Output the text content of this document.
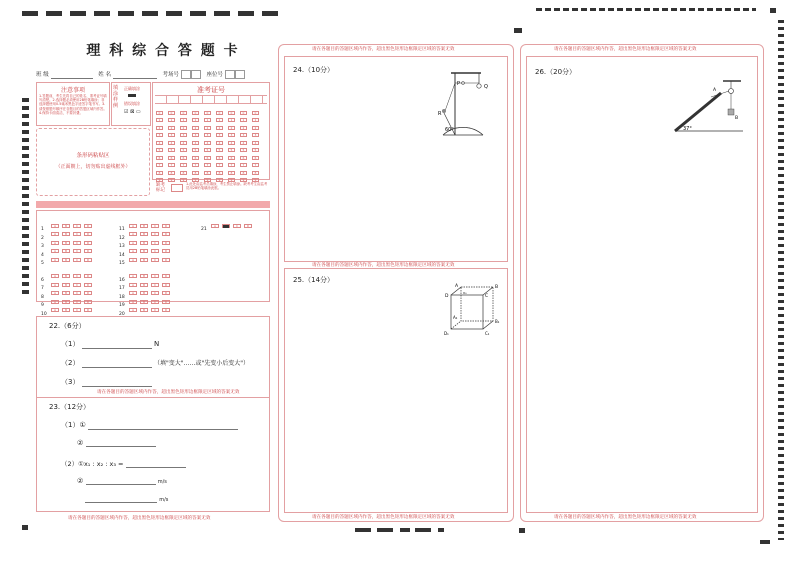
理 科 综 合 答 题 卡
班 级	姓 名	考场号	座位号
注意事项
1.答题前，考生先将自己的姓名、准考证号填写清楚。2.选择题必须使用2B铅笔填涂；非选择题使用0.5毫米黑色字迹签字笔书写。3.请按照题号顺序在各题目的答题区域内作答。4.保持卡面清洁，不要折叠。
填涂样例
正确填涂
错误填涂
☑ ⊠ ▭
准考证号
0	0	0	0	0	0	0	0	0
1	1	1	1	1	1	1	1	1
2	2	2	2	2	2	2	2	2
3	3	3	3	3	3	3	3	3
4	4	4	4	4	4	4	4	4
5	5	5	5	5	5	5	5	5
6	6	6	6	6	6	6	6	6
7	7	7	7	7	7	7	7	7
8	8	8	8	8	8	8	8	8
9	9	9	9	9	9	9	9	9
条形码粘贴区
（正面朝上，切勿贴出虚线框外）
缺考标记
1.此处由监考员填涂，考生禁止填涂。缺考考生由监考员用2B铅笔填涂此框。
1A	B	C	D
2A	B	C	D
3A	B	C	D
4A	B	C	D
5A	B	C	D
6A	B	C	D
7A	B	C	D
8A	B	C	D
9A	B	C	D
10A	B	C	D
11A	B	C	D
12A	B	C	D
13A	B	C	D
14A	B	C	D
15A	B	C	D
16A	B	C	D
17A	B	C	D
18A	B	C	D
19A	B	C	D
20A	B	C	D
21A	C	D
22.（6分）
（1）	N
（2）	（填"变大"……或"先变小后变大"）
（3）
请在各题目的答题区域内作答，超出黑色矩形边框限定区域的答案无效
23.（12分）
（1）①
②
（2）①x₁ : x₂ : x₃ =
②	m/s
m/s
请在各题目的答题区域内作答，超出黑色矩形边框限定区域的答案无效
请在各题目的答题区域内作答，超出黑色矩形边框限定区域的答案无效
24.（10分）
P	Q
R
60°
请在各题目的答题区域内作答，超出黑色矩形边框限定区域的答案无效
25.（14分）
A	B
C
D
A₁
B₁
C₁
D₁
v₀
请在各题目的答题区域内作答，超出黑色矩形边框限定区域的答案无效
请在各题目的答题区域内作答，超出黑色矩形边框限定区域的答案无效
26.（20分）
37°
A
B
请在各题目的答题区域内作答，超出黑色矩形边框限定区域的答案无效
